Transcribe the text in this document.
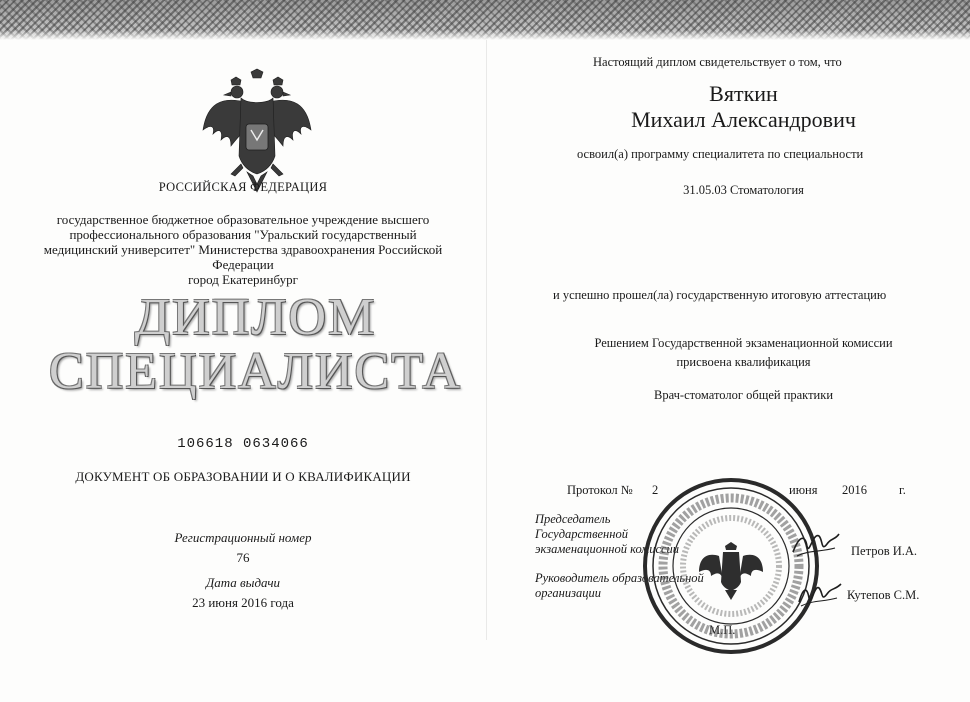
РОССИЙСКАЯ ФЕДЕРАЦИЯ
государственное бюджетное образовательное учреждение высшего
профессионального образования "Уральский государственный
медицинский университет" Министерства здравоохранения Российской
Федерации
город Екатеринбург
ДИПЛОМ
СПЕЦИАЛИСТА
106618 0634066
ДОКУМЕНТ ОБ ОБРАЗОВАНИИ И О КВАЛИФИКАЦИИ
Регистрационный номер
76
Дата выдачи
23 июня 2016 года
Настоящий диплом свидетельствует о том, что
Вяткин
Михаил Александрович
освоил(а) программу специалитета по специальности
31.05.03 Стоматология
и успешно прошел(ла) государственную итоговую аттестацию
Решением Государственной экзаменационной комиссии
присвоена квалификация
Врач-стоматолог общей практики
Протокол № 2	июня 2016	г.
Председатель
Государственной
экзаменационной комиссии	Петров И.А.
Руководитель образовательной
организации	Кутепов С.М.
М.П.
